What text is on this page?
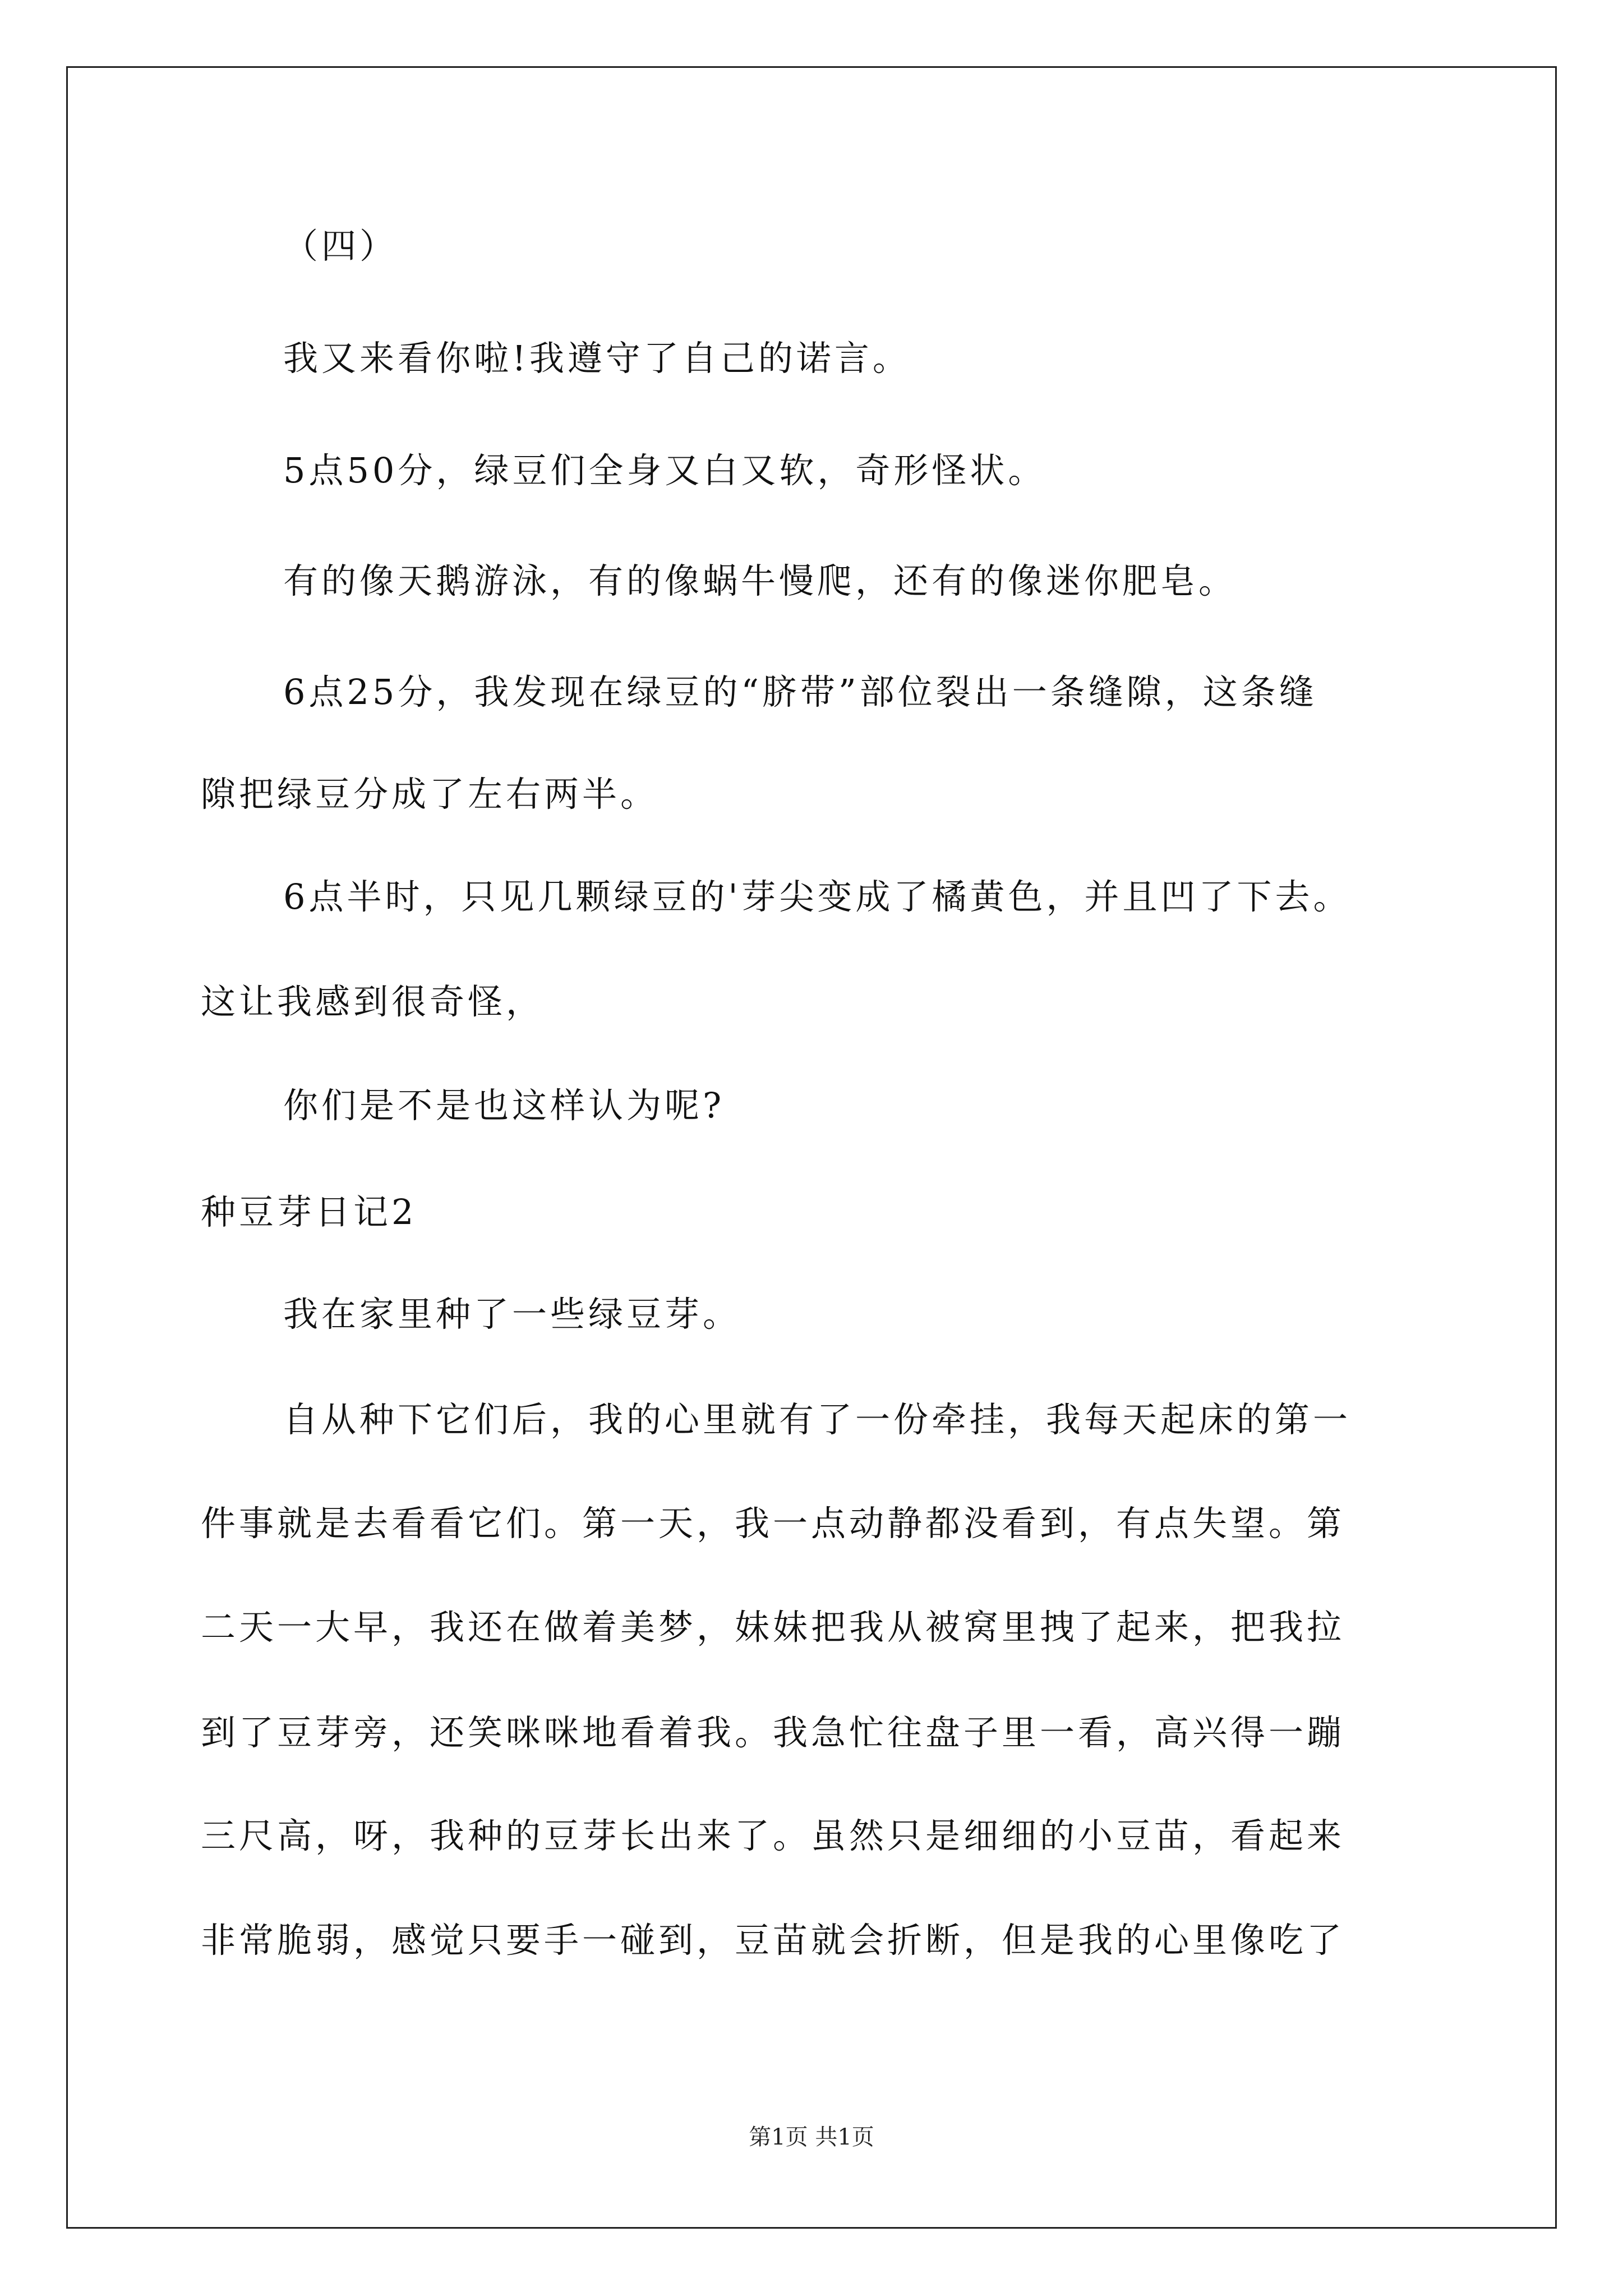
（四）
我又来看你啦!我遵守了自己的诺言。
5点50分，绿豆们全身又白又软，奇形怪状。
有的像天鹅游泳，有的像蜗牛慢爬，还有的像迷你肥皂。
6点25分，我发现在绿豆的“脐带”部位裂出一条缝隙，这条缝
隙把绿豆分成了左右两半。
6点半时，只见几颗绿豆的'芽尖变成了橘黄色，并且凹了下去。
这让我感到很奇怪，
你们是不是也这样认为呢?
种豆芽日记2
我在家里种了一些绿豆芽。
自从种下它们后，我的心里就有了一份牵挂，我每天起床的第一
件事就是去看看它们。第一天，我一点动静都没看到，有点失望。第
二天一大早，我还在做着美梦，妹妹把我从被窝里拽了起来，把我拉
到了豆芽旁，还笑咪咪地看着我。我急忙往盘子里一看，高兴得一蹦
三尺高，呀，我种的豆芽长出来了。虽然只是细细的小豆苗，看起来
非常脆弱，感觉只要手一碰到，豆苗就会折断，但是我的心里像吃了
第1页 共1页
